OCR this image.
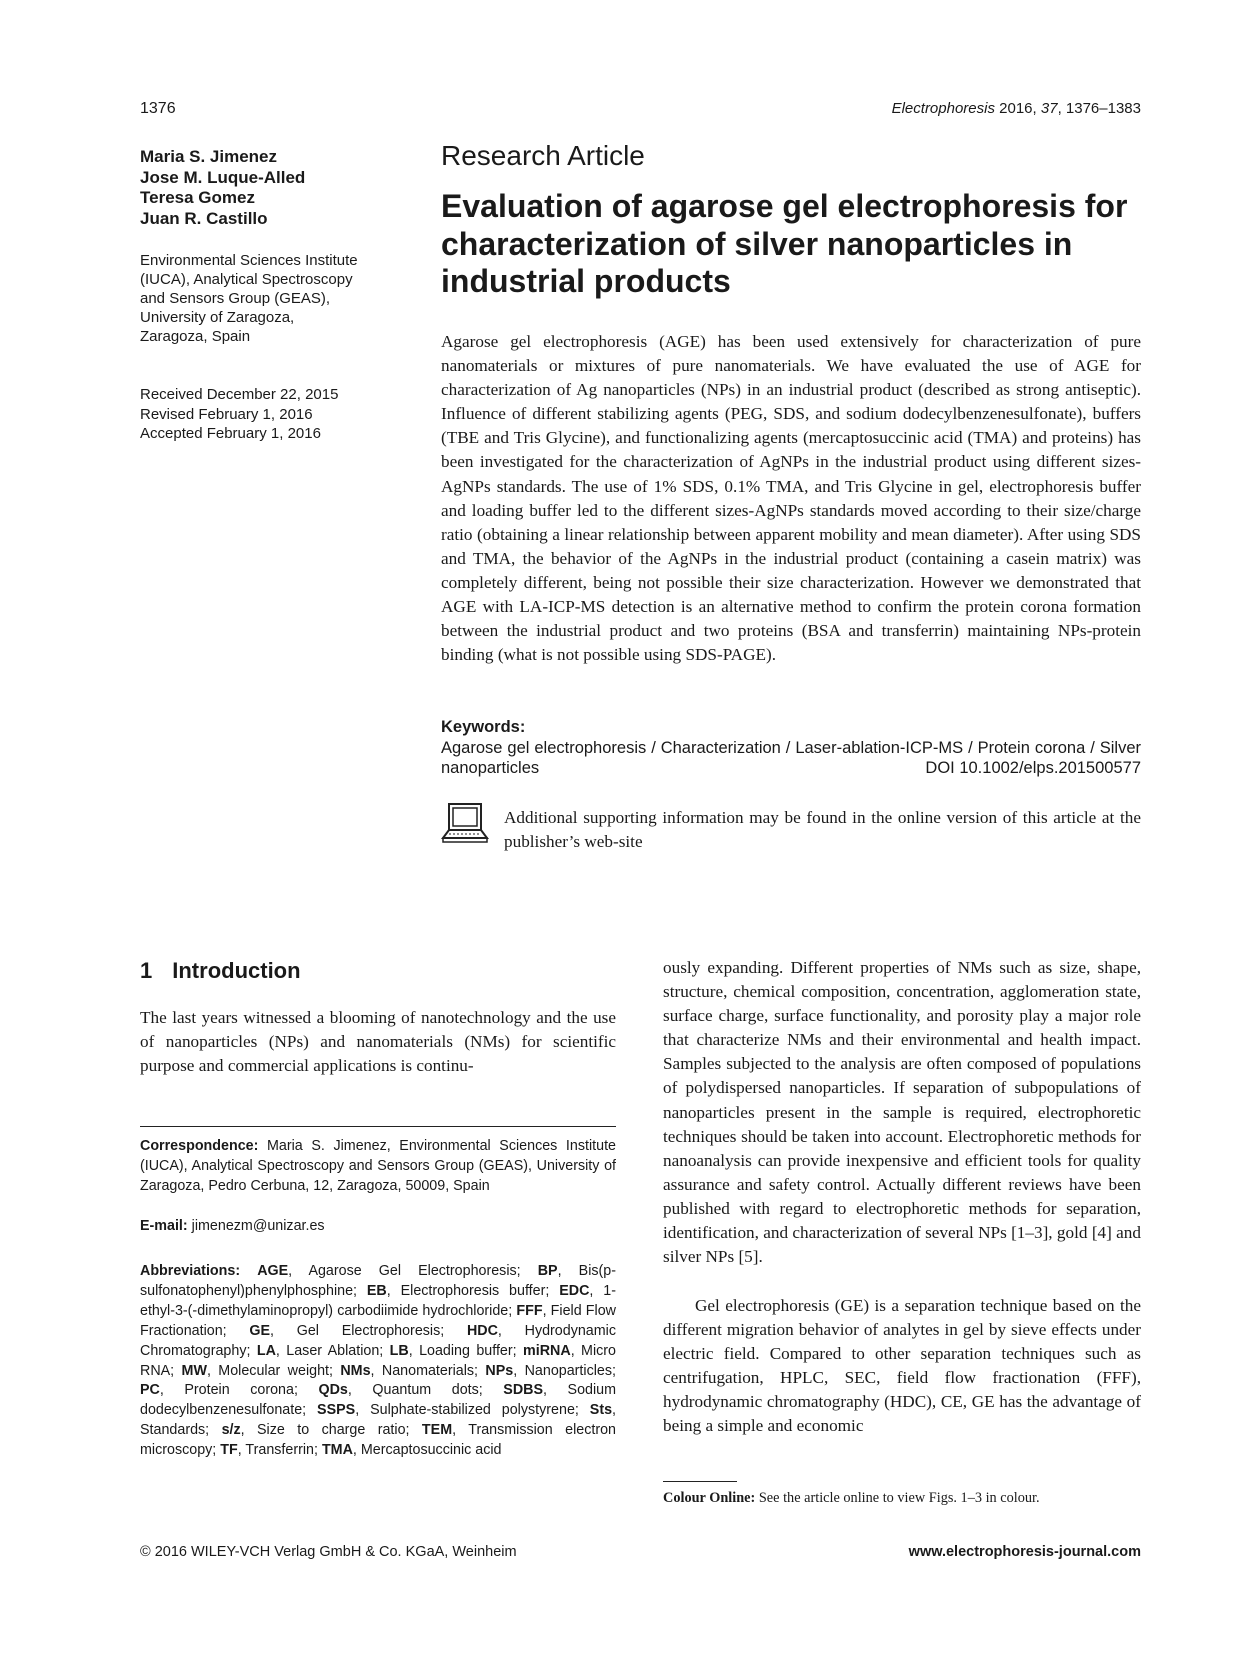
1376	Electrophoresis 2016, 37, 1376–1383
Maria S. Jimenez
Jose M. Luque-Alled
Teresa Gomez
Juan R. Castillo
Environmental Sciences Institute
(IUCA), Analytical Spectroscopy
and Sensors Group (GEAS),
University of Zaragoza,
Zaragoza, Spain
Received December 22, 2015
Revised February 1, 2016
Accepted February 1, 2016
Research Article
Evaluation of agarose gel electrophoresis for characterization of silver nanoparticles in industrial products

Agarose gel electrophoresis (AGE) has been used extensively for characterization of pure nanomaterials or mixtures of pure nanomaterials. We have evaluated the use of AGE for characterization of Ag nanoparticles (NPs) in an industrial product (described as strong antiseptic). Influence of different stabilizing agents (PEG, SDS, and sodium dodecylbenzenesulfonate), buffers (TBE and Tris Glycine), and functionalizing agents (mercaptosuccinic acid (TMA) and proteins) has been investigated for the characterization of AgNPs in the industrial product using different sizes-AgNPs standards. The use of 1% SDS, 0.1% TMA, and Tris Glycine in gel, electrophoresis buffer and loading buffer led to the different sizes-AgNPs standards moved according to their size/charge ratio (obtaining a linear relationship between apparent mobility and mean diameter). After using SDS and TMA, the behavior of the AgNPs in the industrial product (containing a casein matrix) was completely different, being not possible their size characterization. However we demonstrated that AGE with LA-ICP-MS detection is an alternative method to confirm the protein corona formation between the industrial product and two proteins (BSA and transferrin) maintaining NPs-protein binding (what is not possible using SDS-PAGE).

Keywords:
Agarose gel electrophoresis / Characterization / Laser-ablation-ICP-MS / Protein corona / Silver nanoparticles	DOI 10.1002/elps.201500577
Additional supporting information may be found in the online version of this article at the publisher’s web-site
1 Introduction

The last years witnessed a blooming of nanotechnology and the use of nanoparticles (NPs) and nanomaterials (NMs) for scientific purpose and commercial applications is continu-

Correspondence: Maria S. Jimenez, Environmental Sciences Institute (IUCA), Analytical Spectroscopy and Sensors Group (GEAS), University of Zaragoza, Pedro Cerbuna, 12, Zaragoza, 50009, Spain
E-mail: jimenezm@unizar.es
Abbreviations: AGE, Agarose Gel Electrophoresis; BP, Bis(p-sulfonatophenyl)phenylphosphine; EB, Electrophoresis buffer; EDC, 1-ethyl-3-(-dimethylaminopropyl) carbodiimide hydrochloride; FFF, Field Flow Fractionation; GE, Gel Electrophoresis; HDC, Hydrodynamic Chromatography; LA, Laser Ablation; LB, Loading buffer; miRNA, Micro RNA; MW, Molecular weight; NMs, Nanomaterials; NPs, Nanoparticles; PC, Protein corona; QDs, Quantum dots; SDBS, Sodium dodecylbenzenesulfonate; SSPS, Sulphate-stabilized polystyrene; Sts, Standards; s/z, Size to charge ratio; TEM, Transmission electron microscopy; TF, Transferrin; TMA, Mercaptosuccinic acid

ously expanding. Different properties of NMs such as size, shape, structure, chemical composition, concentration, agglomeration state, surface charge, surface functionality, and porosity play a major role that characterize NMs and their environmental and health impact. Samples subjected to the analysis are often composed of populations of polydispersed nanoparticles. If separation of subpopulations of nanoparticles present in the sample is required, electrophoretic techniques should be taken into account. Electrophoretic methods for nanoanalysis can provide inexpensive and efficient tools for quality assurance and safety control. Actually different reviews have been published with regard to electrophoretic methods for separation, identification, and characterization of several NPs [1–3], gold [4] and silver NPs [5].

Gel electrophoresis (GE) is a separation technique based on the different migration behavior of analytes in gel by sieve effects under electric field. Compared to other separation techniques such as centrifugation, HPLC, SEC, field flow fractionation (FFF), hydrodynamic chromatography (HDC), CE, GE has the advantage of being a simple and economic

Colour Online: See the article online to view Figs. 1–3 in colour.
© 2016 WILEY-VCH Verlag GmbH & Co. KGaA, Weinheim	www.electrophoresis-journal.com
